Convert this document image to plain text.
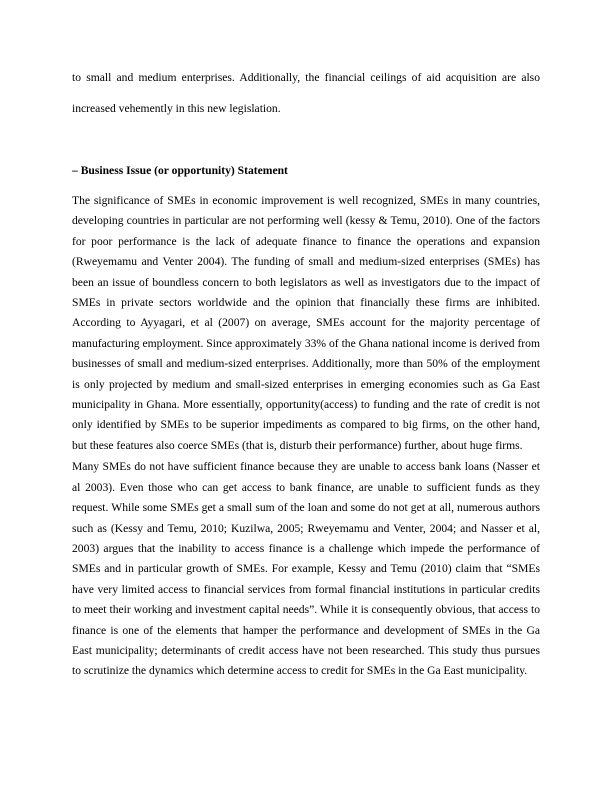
to small and medium enterprises. Additionally, the financial ceilings of aid acquisition are also increased vehemently in this new legislation.

– Business Issue (or opportunity) Statement

The significance of SMEs in economic improvement is well recognized, SMEs in many countries, developing countries in particular are not performing well (kessy & Temu, 2010). One of the factors for poor performance is the lack of adequate finance to finance the operations and expansion (Rweyemamu and Venter 2004). The funding of small and medium-sized enterprises (SMEs) has been an issue of boundless concern to both legislators as well as investigators due to the impact of SMEs in private sectors worldwide and the opinion that financially these firms are inhibited. According to Ayyagari, et al (2007) on average, SMEs account for the majority percentage of manufacturing employment. Since approximately 33% of the Ghana national income is derived from businesses of small and medium-sized enterprises. Additionally, more than 50% of the employment is only projected by medium and small-sized enterprises in emerging economies such as Ga East municipality in Ghana. More essentially, opportunity(access) to funding and the rate of credit is not only identified by SMEs to be superior impediments as compared to big firms, on the other hand, but these features also coerce SMEs (that is, disturb their performance) further, about huge firms.

Many SMEs do not have sufficient finance because they are unable to access bank loans (Nasser et al 2003). Even those who can get access to bank finance, are unable to sufficient funds as they request. While some SMEs get a small sum of the loan and some do not get at all, numerous authors such as (Kessy and Temu, 2010; Kuzilwa, 2005; Rweyemamu and Venter, 2004; and Nasser et al, 2003) argues that the inability to access finance is a challenge which impede the performance of SMEs and in particular growth of SMEs. For example, Kessy and Temu (2010) claim that “SMEs have very limited access to financial services from formal financial institutions in particular credits to meet their working and investment capital needs”. While it is consequently obvious, that access to finance is one of the elements that hamper the performance and development of SMEs in the Ga East municipality; determinants of credit access have not been researched. This study thus pursues to scrutinize the dynamics which determine access to credit for SMEs in the Ga East municipality.
